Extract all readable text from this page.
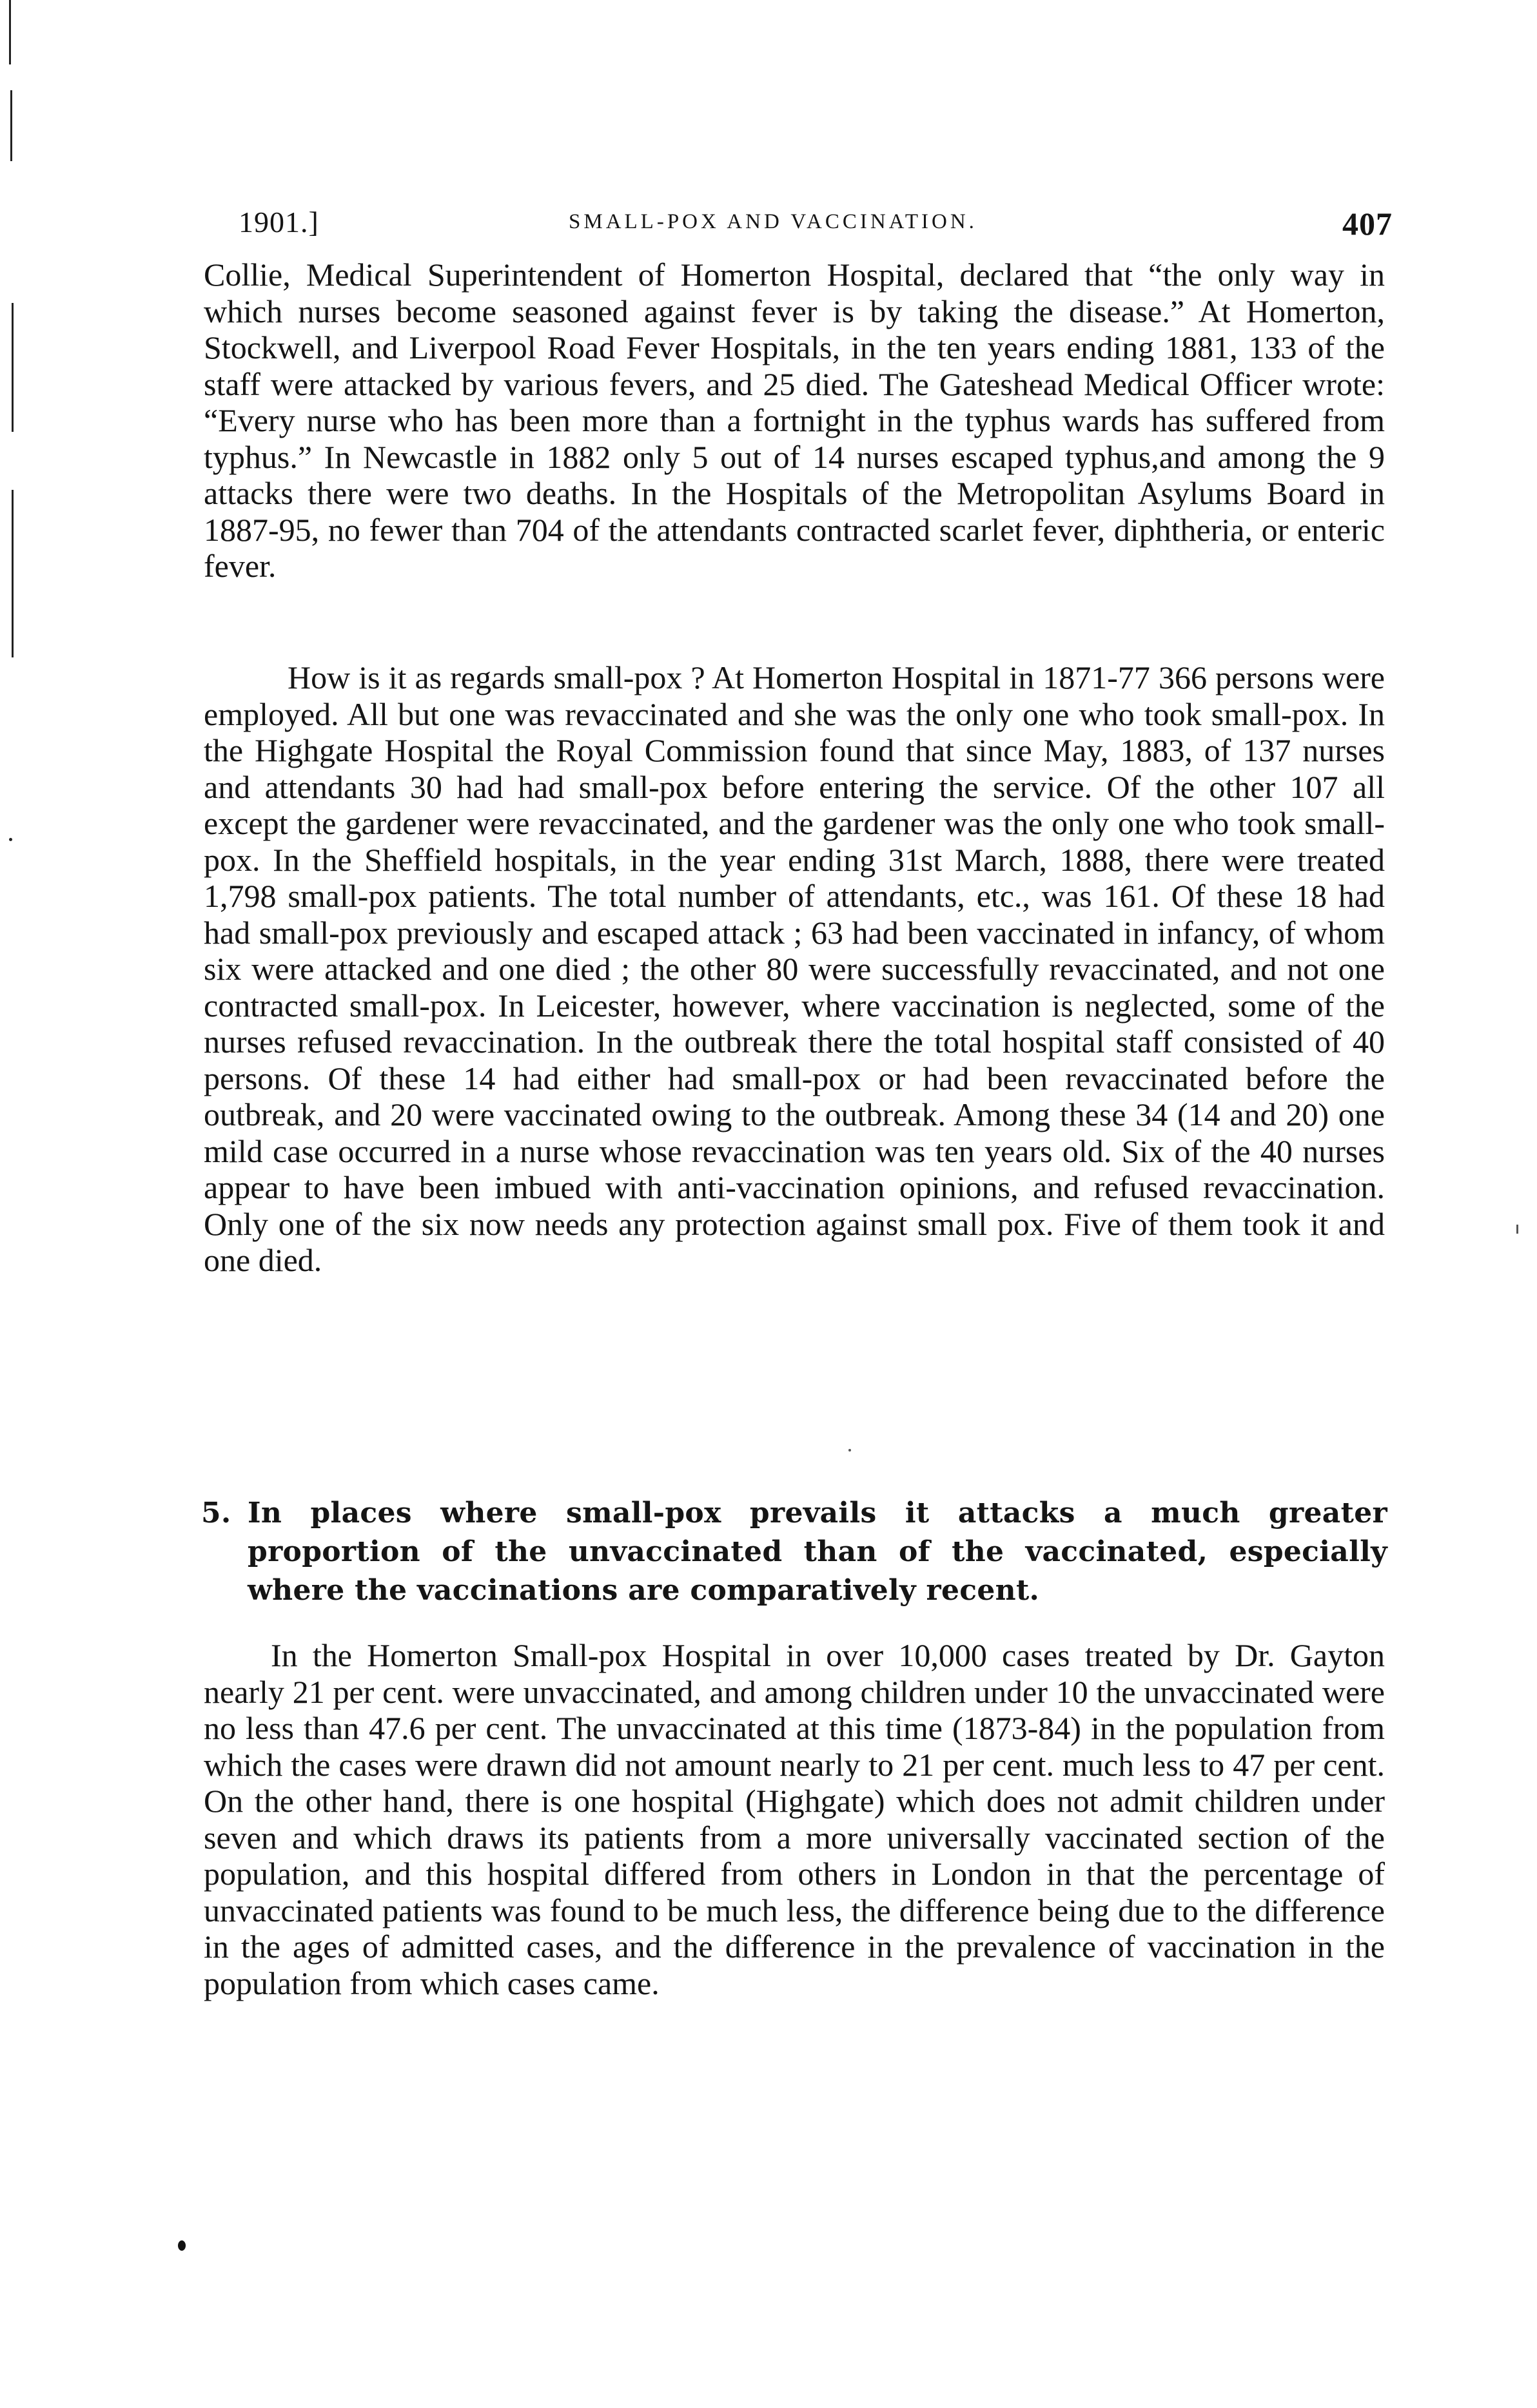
1901.]	SMALL-POX AND VACCINATION.	407
Collie, Medical Superintendent of Homerton Hospital, declared that “the only way in which nurses become seasoned against fever is by taking the disease.” At Homerton, Stockwell, and Liverpool Road Fever Hospitals, in the ten years ending 1881, 133 of the staff were attacked by various fevers, and 25 died. The Gateshead Medical Officer wrote: “Every nurse who has been more than a fortnight in the typhus wards has suffered from typhus.” In Newcastle in 1882 only 5 out of 14 nurses escaped typhus,and among the 9 attacks there were two deaths. In the Hospitals of the Metropolitan Asylums Board in 1887-95, no fewer than 704 of the attendants contracted scarlet fever, diphtheria, or enteric fever.
How is it as regards small-pox ? At Homerton Hospital in 1871-77 366 persons were employed. All but one was revaccinated and she was the only one who took small-pox. In the Highgate Hospital the Royal Commission found that since May, 1883, of 137 nurses and attendants 30 had had small-pox before entering the service. Of the other 107 all except the gardener were revaccinated, and the gardener was the only one who took small-pox. In the Sheffield hospitals, in the year ending 31st March, 1888, there were treated 1,798 small-pox patients. The total number of attendants, etc., was 161. Of these 18 had had small-pox previously and escaped attack ; 63 had been vaccinated in infancy, of whom six were attacked and one died ; the other 80 were successfully revaccinated, and not one contracted small-pox. In Leicester, however, where vaccination is neglected, some of the nurses refused revaccination. In the outbreak there the total hospital staff consisted of 40 persons. Of these 14 had either had small-pox or had been revaccinated before the outbreak, and 20 were vaccinated owing to the outbreak. Among these 34 (14 and 20) one mild case occurred in a nurse whose revaccination was ten years old. Six of the 40 nurses appear to have been imbued with anti-vaccination opinions, and refused revaccination. Only one of the six now needs any protection against small pox. Five of them took it and one died.
5. In places where small-pox prevails it attacks a much greater proportion of the unvaccinated than of the vaccinated, especially where the vaccinations are comparatively recent.
In the Homerton Small-pox Hospital in over 10,000 cases treated by Dr. Gayton nearly 21 per cent. were unvaccinated, and among children under 10 the unvaccinated were no less than 47.6 per cent. The unvaccinated at this time (1873-84) in the population from which the cases were drawn did not amount nearly to 21 per cent. much less to 47 per cent. On the other hand, there is one hospital (Highgate) which does not admit children under seven and which draws its patients from a more universally vaccinated section of the population, and this hospital differed from others in London in that the percentage of unvaccinated patients was found to be much less, the difference being due to the difference in the ages of admitted cases, and the difference in the prevalence of vaccination in the population from which cases came.
